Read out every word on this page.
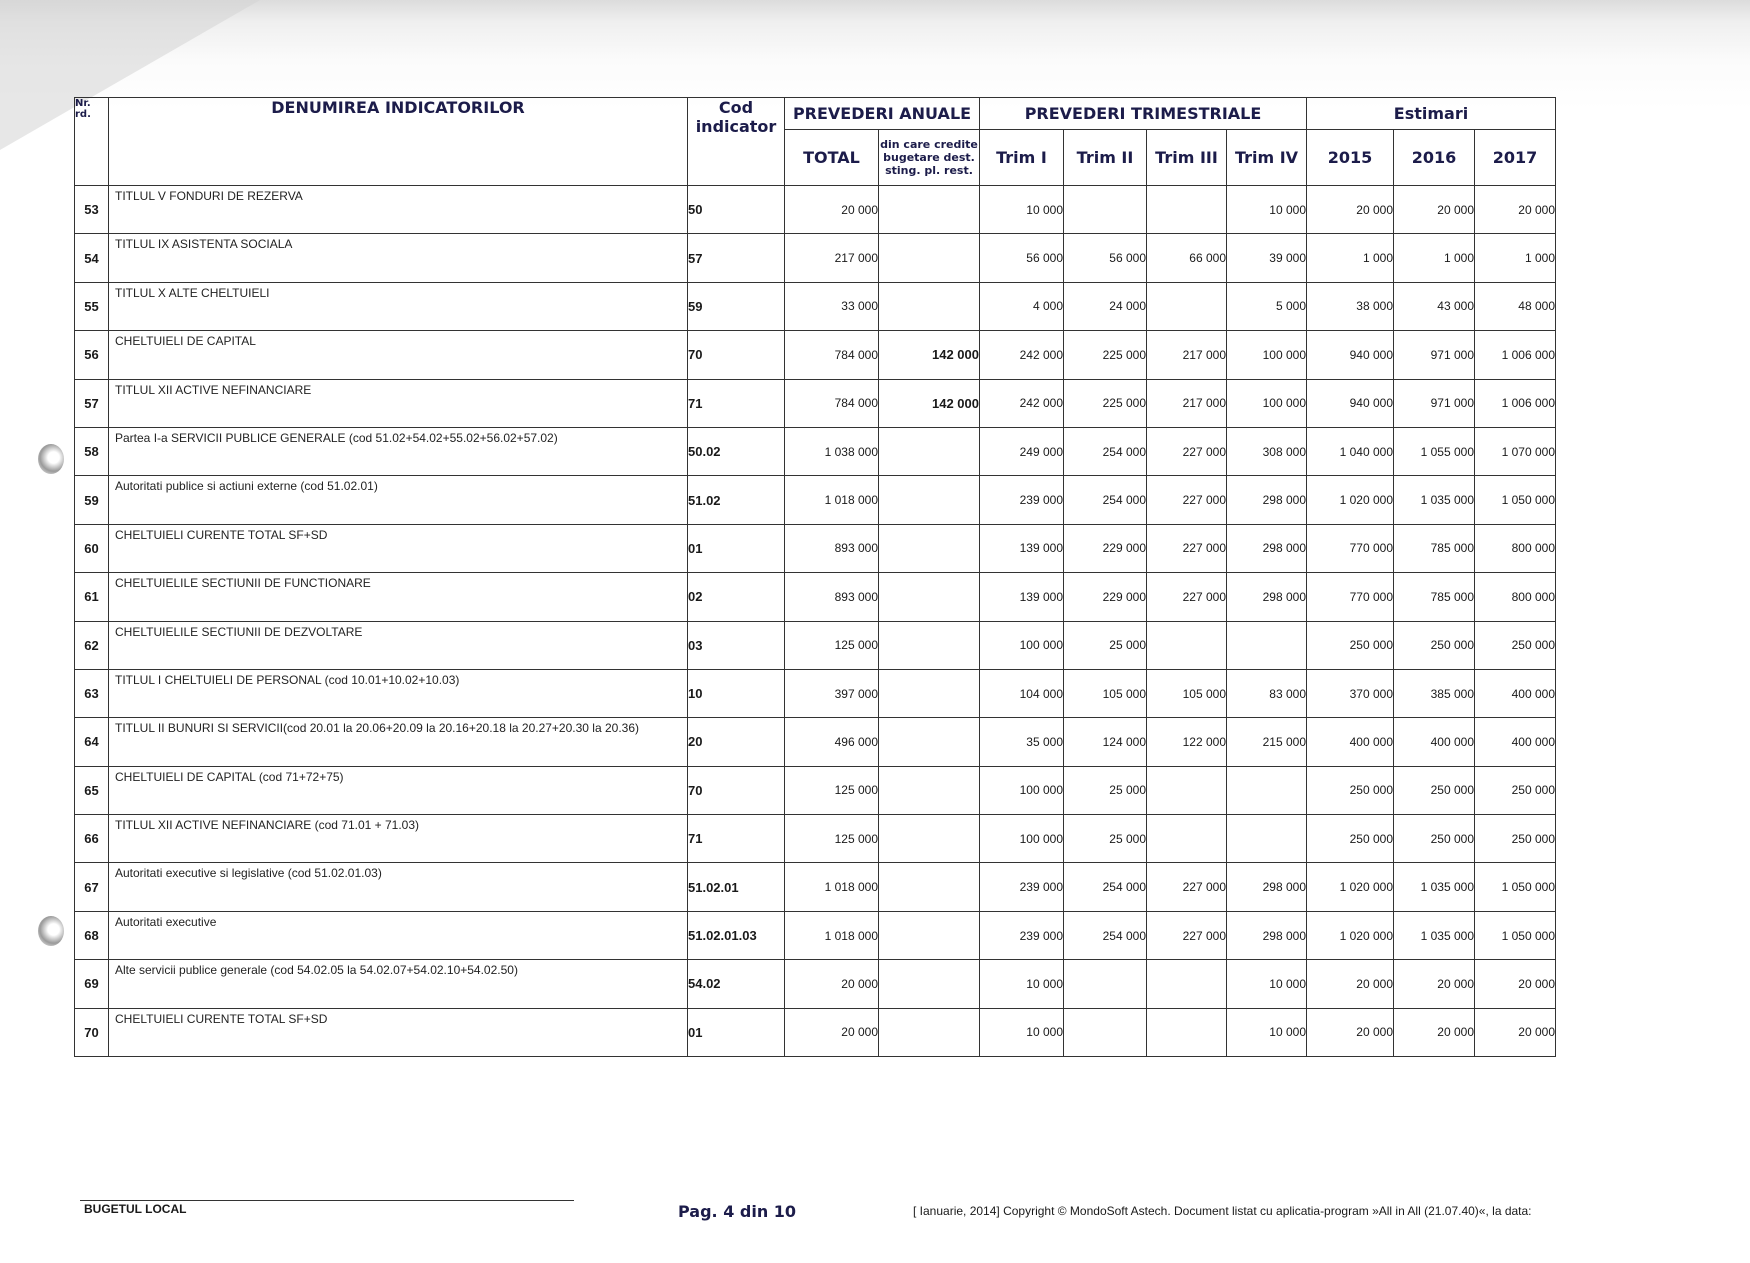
Nr. rd.	DENUMIREA INDICATORILOR	Cod indicator	PREVEDERI ANUALE		PREVEDERI TRIMESTRIALE				Estimari		
			TOTAL	din care credite bugetare dest. sting. pl. rest.	Trim I	Trim II	Trim III	Trim IV	2015	2016	2017
53	TITLUL V FONDURI DE REZERVA	50	20 000		10 000			10 000	20 000	20 000	20 000
54	TITLUL IX ASISTENTA SOCIALA	57	217 000		56 000	56 000	66 000	39 000	1 000	1 000	1 000
55	TITLUL X ALTE CHELTUIELI	59	33 000		4 000	24 000		5 000	38 000	43 000	48 000
56	CHELTUIELI DE CAPITAL	70	784 000	142 000	242 000	225 000	217 000	100 000	940 000	971 000	1 006 000
57	TITLUL XII ACTIVE NEFINANCIARE	71	784 000	142 000	242 000	225 000	217 000	100 000	940 000	971 000	1 006 000
58	Partea I-a SERVICII PUBLICE GENERALE (cod 51.02+54.02+55.02+56.02+57.02)	50.02	1 038 000		249 000	254 000	227 000	308 000	1 040 000	1 055 000	1 070 000
59	Autoritati publice si actiuni externe (cod 51.02.01)	51.02	1 018 000		239 000	254 000	227 000	298 000	1 020 000	1 035 000	1 050 000
60	CHELTUIELI CURENTE TOTAL SF+SD	01	893 000		139 000	229 000	227 000	298 000	770 000	785 000	800 000
61	CHELTUIELILE SECTIUNII DE FUNCTIONARE	02	893 000		139 000	229 000	227 000	298 000	770 000	785 000	800 000
62	CHELTUIELILE SECTIUNII DE DEZVOLTARE	03	125 000		100 000	25 000			250 000	250 000	250 000
63	TITLUL I CHELTUIELI DE PERSONAL (cod 10.01+10.02+10.03)	10	397 000		104 000	105 000	105 000	83 000	370 000	385 000	400 000
64	TITLUL II BUNURI SI SERVICII(cod 20.01 la 20.06+20.09 la 20.16+20.18 la 20.27+20.30 la 20.36)	20	496 000		35 000	124 000	122 000	215 000	400 000	400 000	400 000
65	CHELTUIELI DE CAPITAL (cod 71+72+75)	70	125 000		100 000	25 000			250 000	250 000	250 000
66	TITLUL XII ACTIVE NEFINANCIARE (cod 71.01 + 71.03)	71	125 000		100 000	25 000			250 000	250 000	250 000
67	Autoritati executive si legislative (cod 51.02.01.03)	51.02.01	1 018 000		239 000	254 000	227 000	298 000	1 020 000	1 035 000	1 050 000
68	Autoritati executive	51.02.01.03	1 018 000		239 000	254 000	227 000	298 000	1 020 000	1 035 000	1 050 000
69	Alte servicii publice generale (cod 54.02.05 la 54.02.07+54.02.10+54.02.50)	54.02	20 000		10 000			10 000	20 000	20 000	20 000
70	CHELTUIELI CURENTE TOTAL SF+SD	01	20 000		10 000			10 000	20 000	20 000	20 000
BUGETUL LOCAL	Pag. 4 din 10	[ Ianuarie, 2014] Copyright © MondoSoft Astech. Document listat cu aplicatia-program »All in All (21.07.40)«, la data:
